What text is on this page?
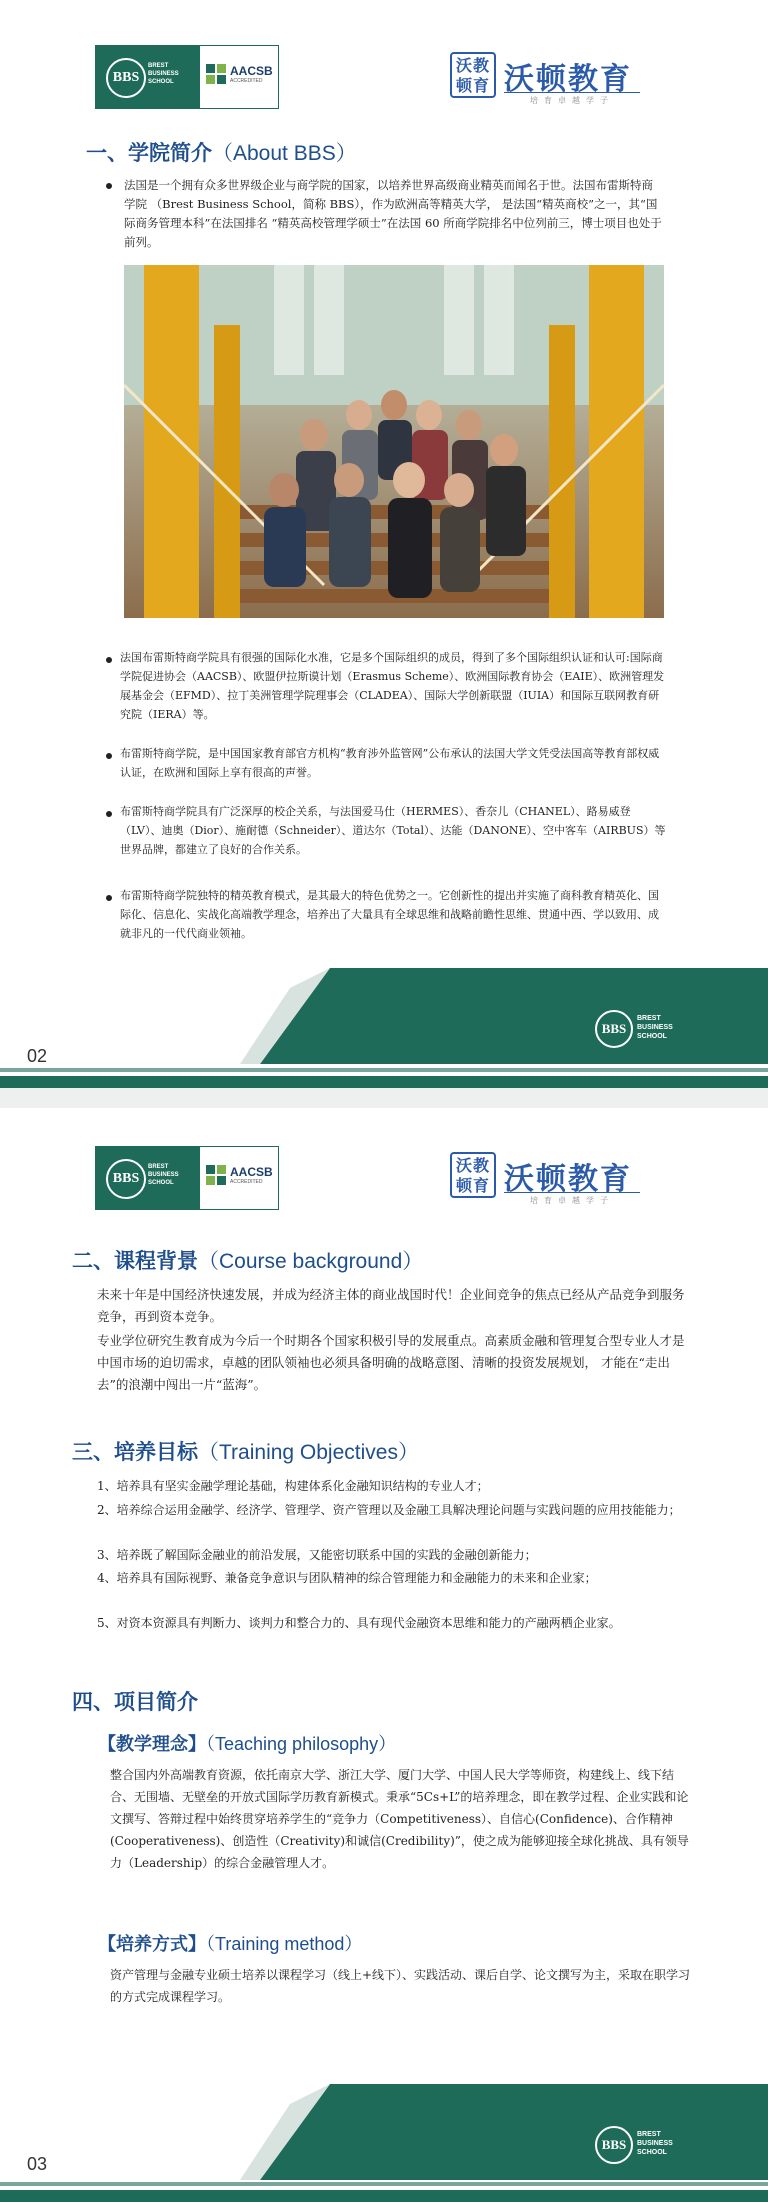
BBS
BREST
BUSINESS
SCHOOL
AACSB
ACCREDITED
沃教
顿育 沃顿教育
培育卓越学子
一、学院简介（About BBS）
法国是一个拥有众多世界级企业与商学院的国家，以培养世界高级商业精英而闻名于世。法国布雷斯特商学院 （Brest Business School，简称 BBS），作为欧洲高等精英大学， 是法国“精英商校”之一，其“国际商务管理本科”在法国排名 “精英高校管理学硕士”在法国 60 所商学院排名中位列前三，博士项目也处于前列。
法国布雷斯特商学院具有很强的国际化水准，它是多个国际组织的成员，得到了多个国际组织认证和认可:国际商学院促进协会（AACSB）、欧盟伊拉斯谟计划（Erasmus Scheme）、欧洲国际教育协会（EAIE）、欧洲管理发展基金会（EFMD）、拉丁美洲管理学院理事会（CLADEA）、国际大学创新联盟（IUIA）和国际互联网教育研究院（IERA）等。
布雷斯特商学院，是中国国家教育部官方机构“教育涉外监管网”公布承认的法国大学文凭受法国高等教育部权威认证，在欧洲和国际上享有很高的声誉。
布雷斯特商学院具有广泛深厚的校企关系，与法国爱马仕（HERMES）、香奈儿（CHANEL）、路易威登（LV）、迪奥（Dior）、施耐德（Schneider）、道达尔（Total）、达能（DANONE）、空中客车（AIRBUS）等世界品牌，都建立了良好的合作关系。
布雷斯特商学院独特的精英教育模式，是其最大的特色优势之一。它创新性的提出并实施了商科教育精英化、国际化、信息化、实战化高端教学理念，培养出了大量具有全球思维和战略前瞻性思维、贯通中西、学以致用、成就非凡的一代代商业领袖。
02
BBS
BREST
BUSINESS
SCHOOL
BBS
BREST
BUSINESS
SCHOOL
AACSB
ACCREDITED
沃教
顿育 沃顿教育
培育卓越学子
二、课程背景（Course background）
未来十年是中国经济快速发展，并成为经济主体的商业战国时代！企业间竞争的焦点已经从产品竞争到服务竞争，再到资本竞争。
专业学位研究生教育成为今后一个时期各个国家积极引导的发展重点。高素质金融和管理复合型专业人才是中国市场的迫切需求，卓越的团队领袖也必须具备明确的战略意图、清晰的投资发展规划， 才能在“走出去”的浪潮中闯出一片“蓝海”。
三、培养目标（Training Objectives）
1、培养具有坚实金融学理论基础，构建体系化金融知识结构的专业人才；
2、培养综合运用金融学、经济学、管理学、资产管理以及金融工具解决理论问题与实践问题的应用技能能力；
3、培养既了解国际金融业的前沿发展，又能密切联系中国的实践的金融创新能力；
4、培养具有国际视野、兼备竞争意识与团队精神的综合管理能力和金融能力的未来和企业家；
5、对资本资源具有判断力、谈判力和整合力的、具有现代金融资本思维和能力的产融两栖企业家。
四、项目简介
【教学理念】（Teaching philosophy）
整合国内外高端教育资源，依托南京大学、浙江大学、厦门大学、中国人民大学等师资，构建线上、线下结合、无围墙、无壁垒的开放式国际学历教育新模式。秉承“5Cs+L”的培养理念，即在教学过程、企业实践和论文撰写、答辩过程中始终贯穿培养学生的“竞争力（Competitiveness）、自信心(Confidence)、合作精神(Cooperativeness)、创造性（Creativity)和诚信(Credibility)”，使之成为能够迎接全球化挑战、具有领导力（Leadership）的综合金融管理人才。
【培养方式】（Training method）
资产管理与金融专业硕士培养以课程学习（线上+线下）、实践活动、课后自学、论文撰写为主，采取在职学习的方式完成课程学习。
03
BBS
BREST
BUSINESS
SCHOOL
